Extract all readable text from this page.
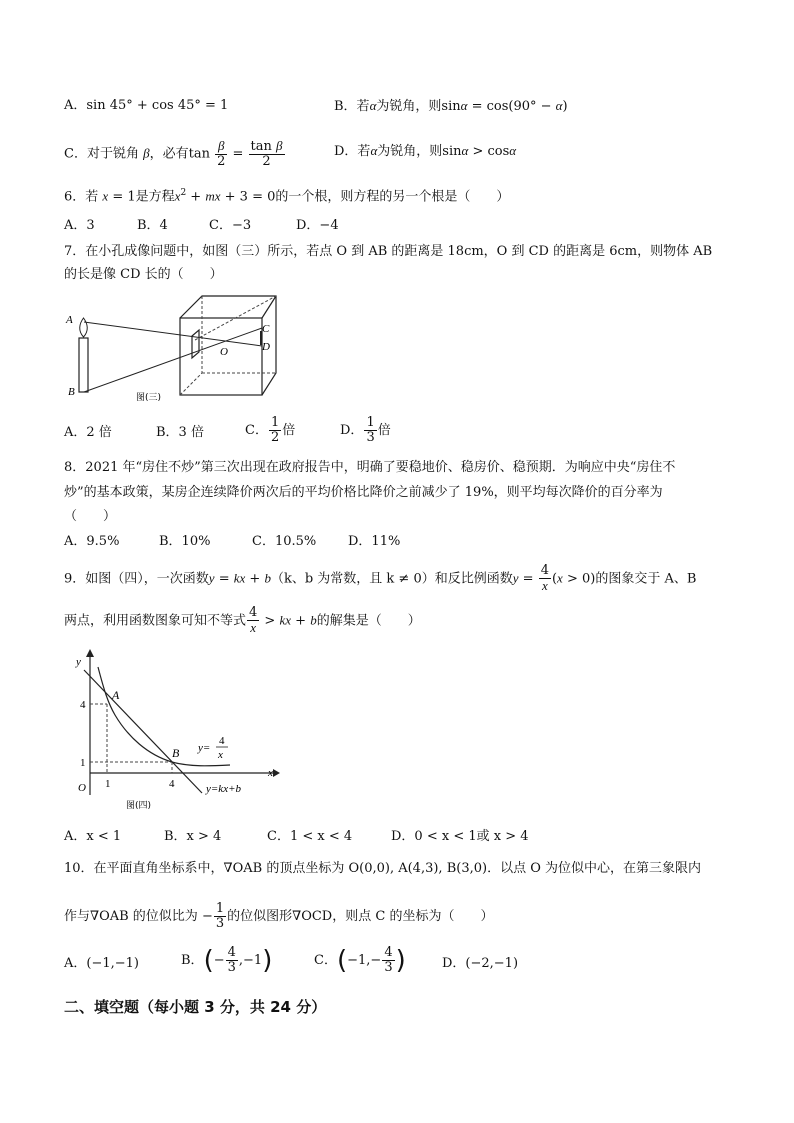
A．sin 45° + cos 45° = 1	B．若α为锐角，则sinα = cos(90° − α)
C．对于锐角 β，必有$\tan \frac{\beta}{2} = \frac{\text{tan β}}{2}$	D．若α为锐角，则sinα > cosα
6．若 x = 1是方程$x^2$ + mx + 3 = 0的一个根，则方程的另一个根是（　　）
A．3	B．4	C．−3	D．−4
7．在小孔成像问题中，如图（三）所示，若点 O 到 AB 的距离是 18cm，O 到 CD 的距离是 6cm，则物体 AB
的长是像 CD 长的（　　）
C
D
O
A
B	图(三)
A．2 倍	B．3 倍	C． $\frac{1}{2}$ 倍	D． $\frac{1}{3}$ 倍
8．2021 年“房住不炒”第三次出现在政府报告中，明确了要稳地价、稳房价、稳预期．为响应中央“房住不
炒”的基本政策，某房企连续降价两次后的平均价格比降价之前减少了 19%，则平均每次降价的百分率为
（　　）
A．9.5%	B．10%	C．10.5% D．11%
9．如图（四），一次函数y = kx + b（k、b 为常数，且 k ≠ 0）和反比例函数$y = \frac{4}{x} (x > 0)$的图象交于 A、B
两点，利用函数图象可知不等式 $\frac{4}{x}$ > kx + b的解集是（　　）
y
x
O
4
1
1	4
A
B y=
4
x
y=kx+b
图(四)
A．x < 1	B．x > 4	C．1 < x < 4	D．0 < x < 1或 x > 4
10．在平面直角坐标系中，∇OAB 的顶点坐标为 O(0,0), A(4,3), B(3,0)．以点 O 为位似中心，在第三象限内
作与∇OAB 的位似比为 − $\frac{1}{3}$ 的位似图形∇OCD，则点 C 的坐标为（　　）
A．(−1,−1)	B．(− $\frac{4}{3} ,-1$)	C．($-1,- \frac{4}{3}$ )	D．(−2,−1)
二、填空题（每小题 3 分，共 24 分）
